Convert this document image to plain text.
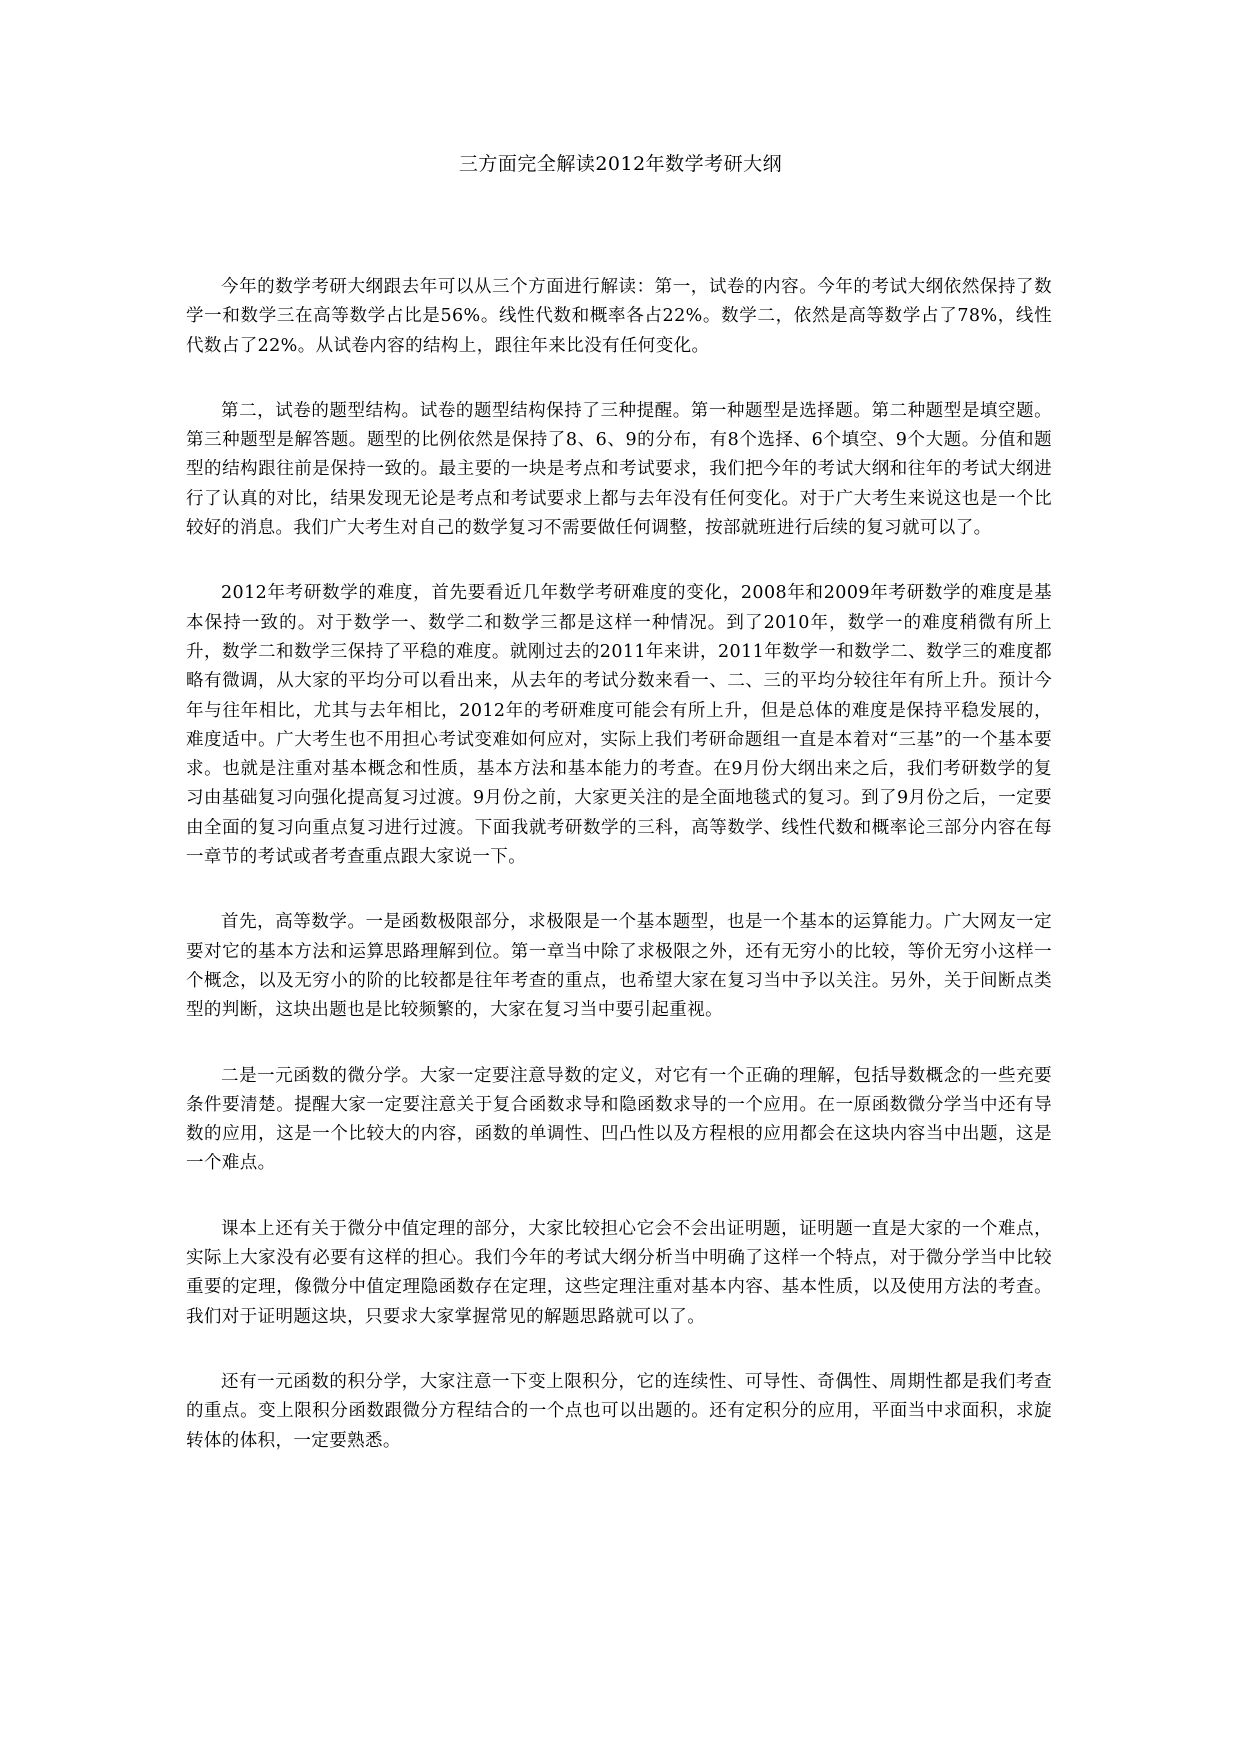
三方面完全解读2012年数学考研大纲

今年的数学考研大纲跟去年可以从三个方面进行解读：第一，试卷的内容。今年的考试大纲依然保持了数学一和数学三在高等数学占比是56%。线性代数和概率各占22%。数学二，依然是高等数学占了78%，线性代数占了22%。从试卷内容的结构上，跟往年来比没有任何变化。

第二，试卷的题型结构。试卷的题型结构保持了三种提醒。第一种题型是选择题。第二种题型是填空题。第三种题型是解答题。题型的比例依然是保持了8、6、9的分布，有8个选择、6个填空、9个大题。分值和题型的结构跟往前是保持一致的。最主要的一块是考点和考试要求，我们把今年的考试大纲和往年的考试大纲进行了认真的对比，结果发现无论是考点和考试要求上都与去年没有任何变化。对于广大考生来说这也是一个比较好的消息。我们广大考生对自己的数学复习不需要做任何调整，按部就班进行后续的复习就可以了。

2012年考研数学的难度，首先要看近几年数学考研难度的变化，2008年和2009年考研数学的难度是基本保持一致的。对于数学一、数学二和数学三都是这样一种情况。到了2010年，数学一的难度稍微有所上升，数学二和数学三保持了平稳的难度。就刚过去的2011年来讲，2011年数学一和数学二、数学三的难度都略有微调，从大家的平均分可以看出来，从去年的考试分数来看一、二、三的平均分较往年有所上升。预计今年与往年相比，尤其与去年相比，2012年的考研难度可能会有所上升，但是总体的难度是保持平稳发展的，难度适中。广大考生也不用担心考试变难如何应对，实际上我们考研命题组一直是本着对“三基”的一个基本要求。也就是注重对基本概念和性质，基本方法和基本能力的考查。在9月份大纲出来之后，我们考研数学的复习由基础复习向强化提高复习过渡。9月份之前，大家更关注的是全面地毯式的复习。到了9月份之后，一定要由全面的复习向重点复习进行过渡。下面我就考研数学的三科，高等数学、线性代数和概率论三部分内容在每一章节的考试或者考查重点跟大家说一下。

首先，高等数学。一是函数极限部分，求极限是一个基本题型，也是一个基本的运算能力。广大网友一定要对它的基本方法和运算思路理解到位。第一章当中除了求极限之外，还有无穷小的比较，等价无穷小这样一个概念，以及无穷小的阶的比较都是往年考查的重点，也希望大家在复习当中予以关注。另外，关于间断点类型的判断，这块出题也是比较频繁的，大家在复习当中要引起重视。

二是一元函数的微分学。大家一定要注意导数的定义，对它有一个正确的理解，包括导数概念的一些充要条件要清楚。提醒大家一定要注意关于复合函数求导和隐函数求导的一个应用。在一原函数微分学当中还有导数的应用，这是一个比较大的内容，函数的单调性、凹凸性以及方程根的应用都会在这块内容当中出题，这是一个难点。

课本上还有关于微分中值定理的部分，大家比较担心它会不会出证明题，证明题一直是大家的一个难点，实际上大家没有必要有这样的担心。我们今年的考试大纲分析当中明确了这样一个特点，对于微分学当中比较重要的定理，像微分中值定理隐函数存在定理，这些定理注重对基本内容、基本性质，以及使用方法的考查。我们对于证明题这块，只要求大家掌握常见的解题思路就可以了。

还有一元函数的积分学，大家注意一下变上限积分，它的连续性、可导性、奇偶性、周期性都是我们考查的重点。变上限积分函数跟微分方程结合的一个点也可以出题的。还有定积分的应用，平面当中求面积，求旋转体的体积，一定要熟悉。
